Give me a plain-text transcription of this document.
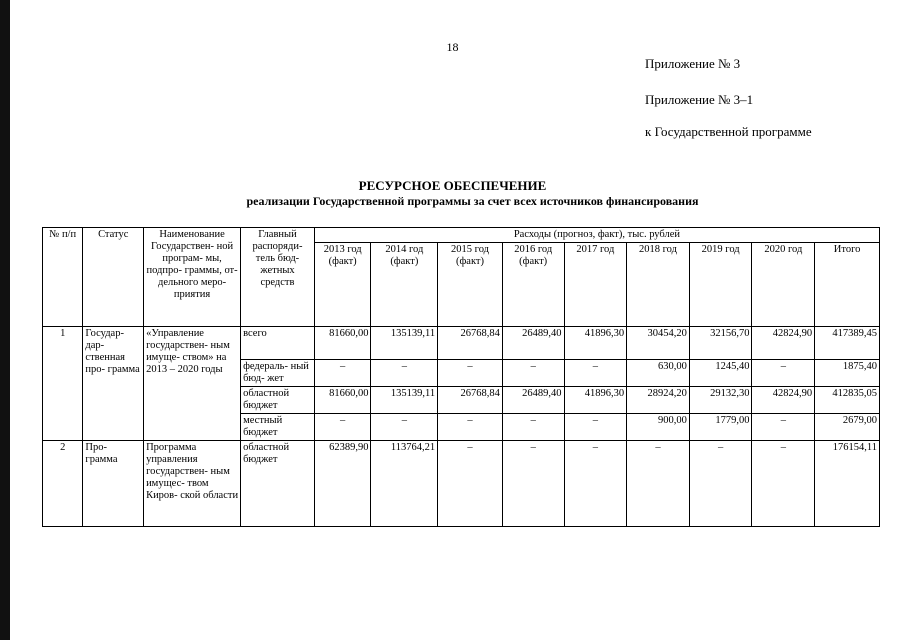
18
Приложение № 3
Приложение № 3–1
к Государственной программе
РЕСУРСНОЕ ОБЕСПЕЧЕНИЕ
реализации Государственной программы за счет всех источников финансирования
№ п/п	Статус	Наименование Государствен- ной програм- мы, подпро- граммы, от- дельного меро- приятия	Главный распоряди- тель бюд- жетных средств	Расходы (прогноз, факт), тыс. рублей								
				2013 год (факт)	2014 год (факт)	2015 год (факт)	2016 год (факт)	2017 год	2018 год	2019 год	2020 год	Итого
1	Государ- дар- ственная про- грамма	«Управление государствен- ным имуще- ством» на 2013 – 2020 годы	всего	81660,00	135139,11	26768,84	26489,40	41896,30	30454,20	32156,70	42824,90	417389,45
			федераль- ный бюд- жет	–	–	–	–	–	630,00	1245,40	–	1875,40
			областной бюджет	81660,00	135139,11	26768,84	26489,40	41896,30	28924,20	29132,30	42824,90	412835,05
			местный бюджет	–	–	–	–	–	900,00	1779,00	–	2679,00
2	Про- грамма	Программа управления государствен- ным имущес- твом Киров- ской области	областной бюджет	62389,90	113764,21	–	–	–	–	–	–	176154,11
